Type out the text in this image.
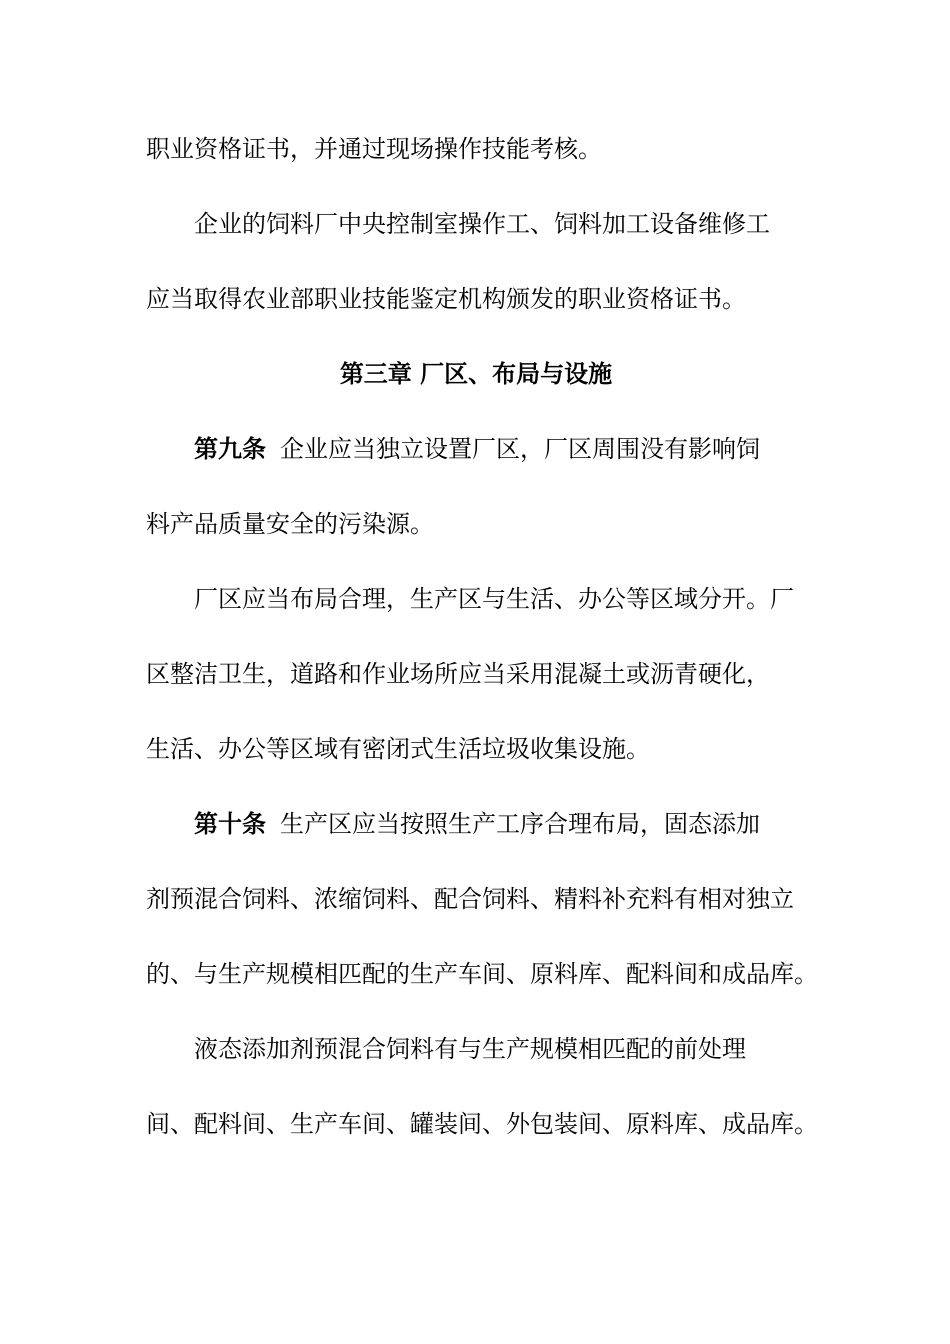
职业资格证书，并通过现场操作技能考核。
企业的饲料厂中央控制室操作工、饲料加工设备维修工
应当取得农业部职业技能鉴定机构颁发的职业资格证书。
第三章 厂区、布局与设施
第九条 企业应当独立设置厂区，厂区周围没有影响饲
料产品质量安全的污染源。
厂区应当布局合理，生产区与生活、办公等区域分开。厂
区整洁卫生，道路和作业场所应当采用混凝土或沥青硬化，
生活、办公等区域有密闭式生活垃圾收集设施。
第十条 生产区应当按照生产工序合理布局，固态添加
剂预混合饲料、浓缩饲料、配合饲料、精料补充料有相对独立
的、与生产规模相匹配的生产车间、原料库、配料间和成品库。
液态添加剂预混合饲料有与生产规模相匹配的前处理
间、配料间、生产车间、罐装间、外包装间、原料库、成品库。
